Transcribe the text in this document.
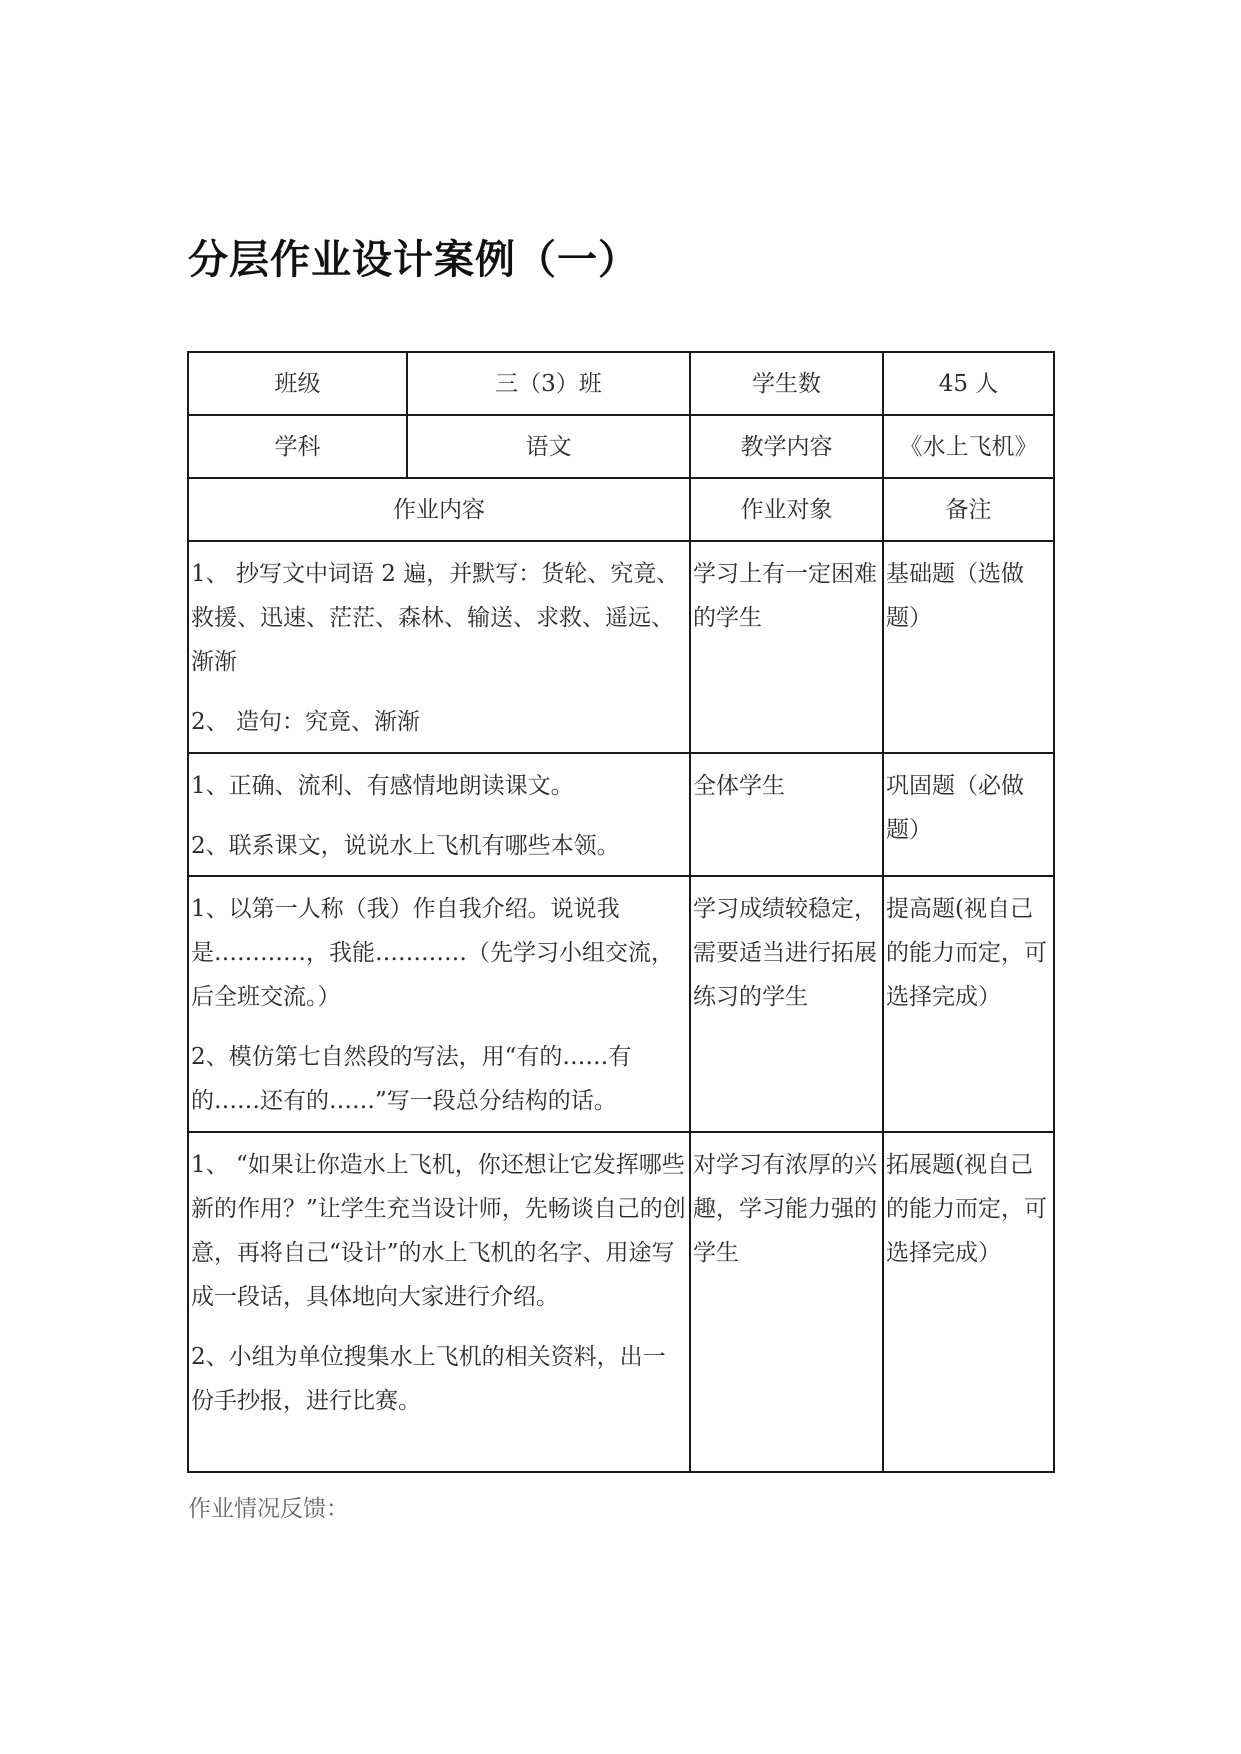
分层作业设计案例（一）
班级	三（3）班	学生数	45 人
学科	语文	教学内容	《水上飞机》
作业内容		作业对象	备注

1、 抄写文中词语 2 遍，并默写：货轮、究竟、救援、迅速、茫茫、森林、输送、求救、遥远、渐渐

2、 造句：究竟、渐渐		学习上有一定困难的学生	基础题（选做题）

1、正确、流利、有感情地朗读课文。

2、联系课文，说说水上飞机有哪些本领。		全体学生	巩固题（必做题）

1、以第一人称（我）作自我介绍。说说我是…………，我能…………（先学习小组交流，后全班交流。）

2、模仿第七自然段的写法，用“有的……有的……还有的……”写一段总分结构的话。		学习成绩较稳定，需要适当进行拓展练习的学生	提高题(视自己的能力而定，可选择完成）

1、 “如果让你造水上飞机，你还想让它发挥哪些新的作用？”让学生充当设计师，先畅谈自己的创意，再将自己“设计”的水上飞机的名字、用途写成一段话，具体地向大家进行介绍。

2、小组为单位搜集水上飞机的相关资料，出一份手抄报，进行比赛。		对学习有浓厚的兴趣，学习能力强的学生	拓展题(视自己的能力而定，可选择完成）

作业情况反馈：
